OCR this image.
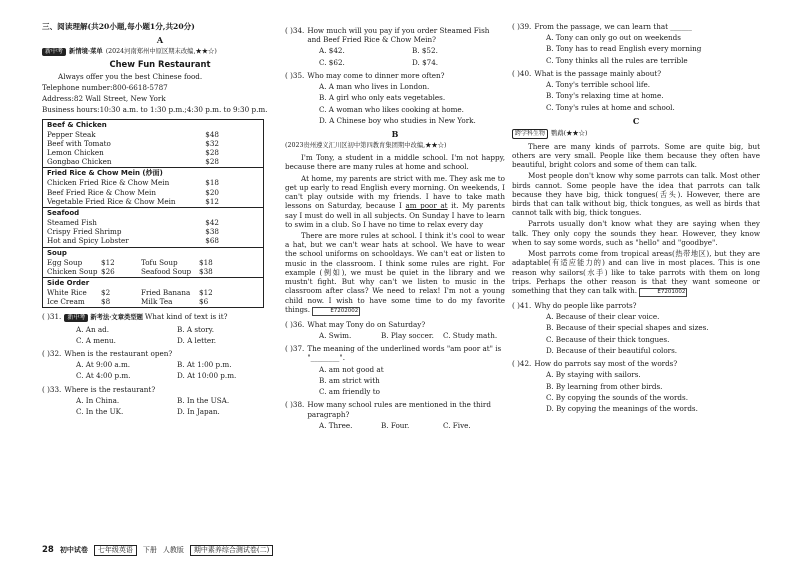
三、阅读理解(共20小题,每小题1分,共20分)
A
新中考 新情境·菜单 (2024河南郑州中原区期末改编,★★☆)
Chew Fun Restaurant
Always offer you the best Chinese food.
Telephone number:800-6618-5787
Address:82 Wall Street, New York
Business hours:10:30 a.m. to 1:30 p.m.;4:30 p.m. to 9:30 p.m.
Beef & Chicken
Pepper Steak	$48
Beef with Tomato	$32
Lemon Chicken	$28
Gongbao Chicken	$28
Fried Rice & Chow Mein (炒面)
Chicken Fried Rice & Chow Mein	$18
Beef Fried Rice & Chow Mein	$20
Vegetable Fried Rice & Chow Mein	$12
Seafood
Steamed Fish	$42
Crispy Fried Shrimp	$38
Hot and Spicy Lobster	$68
Soup
Egg Soup	$12	Tofu Soup	$18
Chicken Soup $26	Seafood Soup	$38
Side Order
White Rice	$2	Fried Banana	$12
Ice Cream	$8	Milk Tea	$6
( )31.	新中考 新考法·文章类型题 What kind of text is it?
A. An ad.	B. A story.
C. A menu.	D. A letter.
( )32. When is the restaurant open?
A. At 9:00 a.m.	B. At 1:00 p.m.
C. At 4:00 p.m.	D. At 10:00 p.m.
( )33. Where is the restaurant?
A. In China.	B. In the USA.
C. In the UK.	D. In Japan.
( )34. How much will you pay if you order Steamed Fish and Beef Fried Rice & Chow Mein?
A. $42.	B. $52.
C. $62.	D. $74.
( )35. Who may come to dinner more often?
A. A man who lives in London.
B. A girl who only eats vegetables.
C. A woman who likes cooking at home.
D. A Chinese boy who studies in New York.
B
(2023贵州遵义汇川区初中第四教育集团期中改编,★★☆)
I'm Tony, a student in a middle school. I'm not happy, because there are many rules at home and school.
At home, my parents are strict with me. They ask me to get up early to read English every morning. On weekends, I can't play outside with my friends. I have to take math lessons on Saturday, because I am poor at it. My parents say I must do well in all subjects. On Sunday I have to learn to swim in a club. So I have no time to relax every day
There are more rules at school. I think it's cool to wear a hat, but we can't wear hats at school. We have to wear the school uniforms on schooldays. We can't eat or listen to music in the classroom. I think some rules are right. For example (例如), we must be quiet in the library and we mustn't fight. But why can't we listen to music in the classroom after class? We need to relax! I'm not a young child now. I wish to have some time to do my favorite things.	E7202002
( )36. What may Tony do on Saturday?
A. Swim.	B. Play soccer.	C. Study math.
( )37. The meaning of the underlined words "am poor at" is "________".
A. am not good at
B. am strict with
C. am friendly to
( )38. How many school rules are mentioned in the third paragraph?
A. Three.	B. Four.	C. Five.
( )39. From the passage, we can learn that ______
A. Tony can only go out on weekends
B. Tony has to read English every morning
C. Tony thinks all the rules are terrible
( )40. What is the passage mainly about?
A. Tony's terrible school life.
B. Tony's relaxing time at home.
C. Tony's rules at home and school.
C
跨学科生物 鹦鹉(★★☆)
There are many kinds of parrots. Some are quite big, but others are very small. People like them because they often have beautiful, bright colors and some of them can talk.
Most people don't know why some parrots can talk. Most other birds cannot. Some people have the idea that parrots can talk because they have big, thick tongues(舌头). However, there are birds that can talk without big, thick tongues, as well as birds that cannot talk with big, thick tongues.
Parrots usually don't know what they are saying when they talk. They only copy the sounds they hear. However, they know when to say some words, such as "hello" and "goodbye".
Most parrots come from tropical areas(热带地区), but they are adaptable(有适应能力的) and can live in most places. This is one reason why sailors(水手) like to take parrots with them on long trips. Perhaps the other reason is that they want someone or something that they can talk with.	E7201002
( )41. Why do people like parrots?
A. Because of their clear voice.
B. Because of their special shapes and sizes.
C. Because of their thick tongues.
D. Because of their beautiful colors.
( )42. How do parrots say most of the words?
A. By staying with sailors.
B. By learning from other birds.
C. By copying the sounds of the words.
D. By copying the meanings of the words.
28 初中试卷	七年级英语	下册 人教版	期中素养综合测试卷(二)
